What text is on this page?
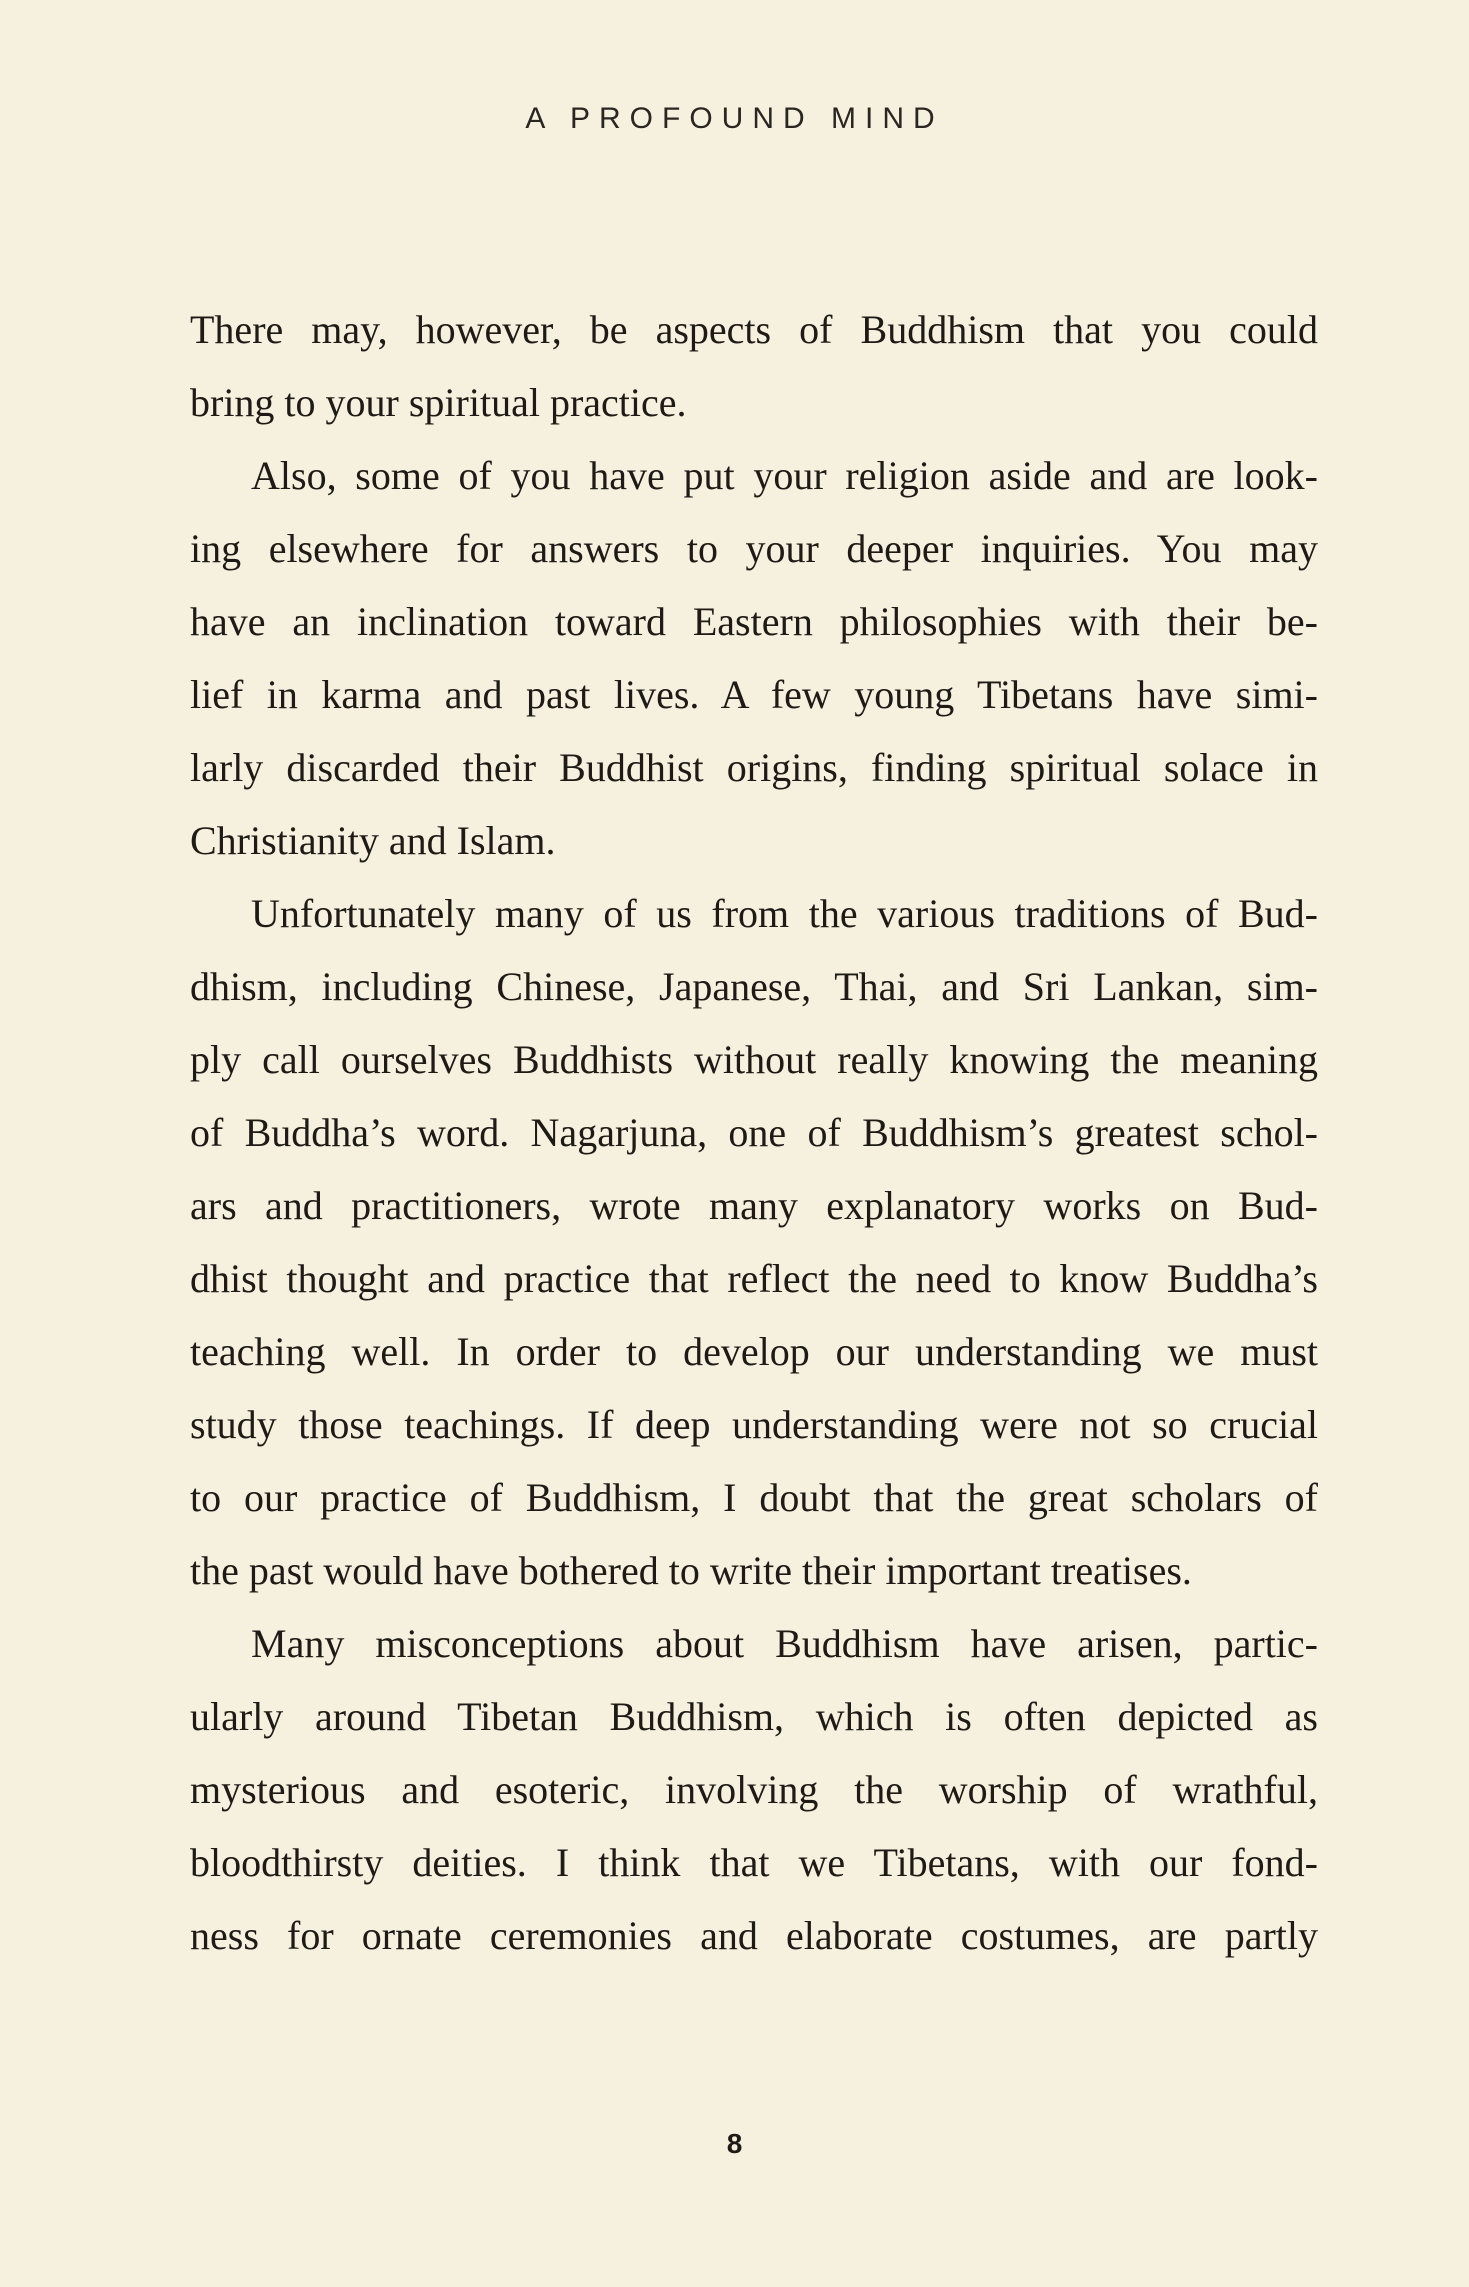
A PROFOUND MIND
There may, however, be aspects of Buddhism that you could
bring to your spiritual practice.
Also, some of you have put your religion aside and are look-
ing elsewhere for answers to your deeper inquiries. You may
have an inclination toward Eastern philosophies with their be-
lief in karma and past lives. A few young Tibetans have simi-
larly discarded their Buddhist origins, finding spiritual solace in
Christianity and Islam.
Unfortunately many of us from the various traditions of Bud-
dhism, including Chinese, Japanese, Thai, and Sri Lankan, sim-
ply call ourselves Buddhists without really knowing the meaning
of Buddha’s word. Nagarjuna, one of Buddhism’s greatest schol-
ars and practitioners, wrote many explanatory works on Bud-
dhist thought and practice that reflect the need to know Buddha’s
teaching well. In order to develop our understanding we must
study those teachings. If deep understanding were not so crucial
to our practice of Buddhism, I doubt that the great scholars of
the past would have bothered to write their important treatises.
Many misconceptions about Buddhism have arisen, partic-
ularly around Tibetan Buddhism, which is often depicted as
mysterious and esoteric, involving the worship of wrathful,
bloodthirsty deities. I think that we Tibetans, with our fond-
ness for ornate ceremonies and elaborate costumes, are partly
8
